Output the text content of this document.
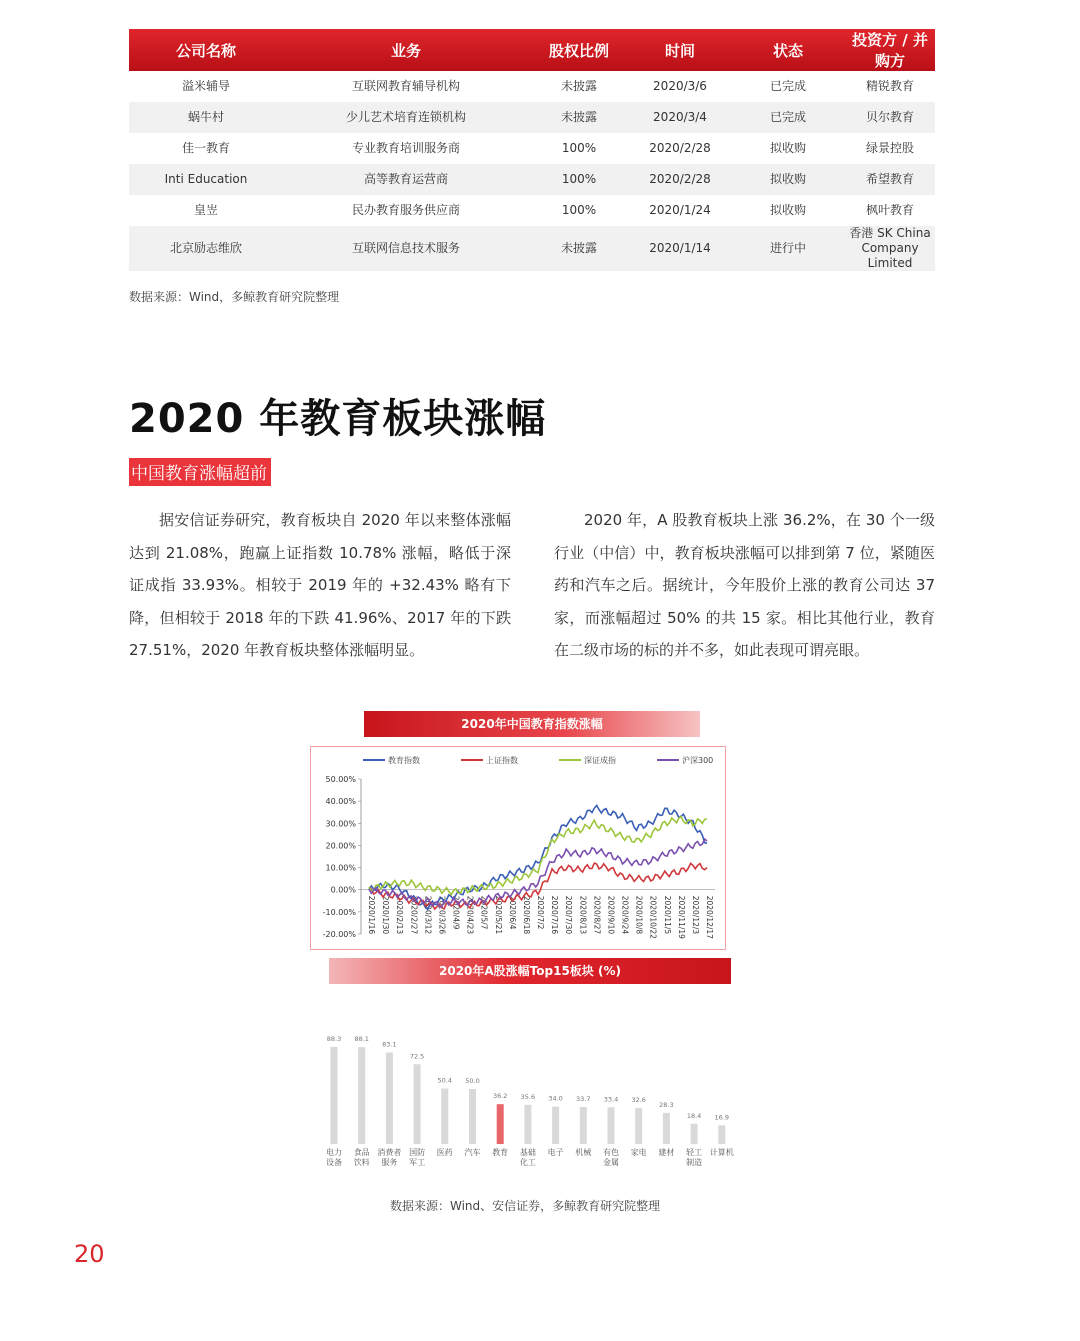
公司名称	业务	股权比例	时间	状态	投资方 / 并购方
溢米辅导	互联网教育辅导机构	未披露	2020/3/6	已完成	精锐教育
蜗牛村	少儿艺术培育连锁机构	未披露	2020/3/4	已完成	贝尔教育
佳一教育	专业教育培训服务商	100%	2020/2/28	拟收购	绿景控股
Inti Education	高等教育运营商	100%	2020/2/28	拟收购	希望教育
皇岦	民办教育服务供应商	100%	2020/1/24	拟收购	枫叶教育
北京励志维欣	互联网信息技术服务	未披露	2020/1/14	进行中	香港 SK China Company Limited
数据来源：Wind，多鲸教育研究院整理
2020 年教育板块涨幅
中国教育涨幅超前
据安信证券研究，教育板块自 2020 年以来整体涨幅达到 21.08%，跑赢上证指数 10.78% 涨幅，略低于深证成指 33.93%。相较于 2019 年的 +32.43% 略有下降，但相较于 2018 年的下跌 41.96%、2017 年的下跌 27.51%，2020 年教育板块整体涨幅明显。
2020 年，A 股教育板块上涨 36.2%，在 30 个一级行业（中信）中，教育板块涨幅可以排到第 7 位，紧随医药和汽车之后。据统计，今年股价上涨的教育公司达 37 家，而涨幅超过 50% 的共 15 家。相比其他行业，教育在二级市场的标的并不多，如此表现可谓亮眼。
2020年中国教育指数涨幅
教育指数	上证指数	深证成指	沪深300
50.00%
40.00%
30.00%
20.00%
10.00%
0.00%
-10.00%
-20.00%
2020/1/16 2020/1/30 2020/2/13 2020/2/27 2020/3/12 2020/3/26 2020/4/9 2020/4/23 2020/5/7 2020/5/21 2020/6/4 2020/6/18 2020/7/2 2020/7/16 2020/7/30 2020/8/13 2020/8/27 2020/9/10 2020/9/24 2020/10/8 2020/10/22 2020/11/5 2020/11/19 2020/12/3 2020/12/17
2020年A股涨幅Top15板块 (%)
88.3
电力
设备
88.1
食品
饮料
83.1
消费者
服务
72.5
国防
军工
50.4
医药
50.0
汽车
36.2
教育
35.6
基础
化工
34.0
电子
33.7
机械
33.4
有色
金属
32.6
家电
28.3
建材
18.4
轻工
制造
16.9
计算机
数据来源：Wind、安信证券，多鲸教育研究院整理
20
